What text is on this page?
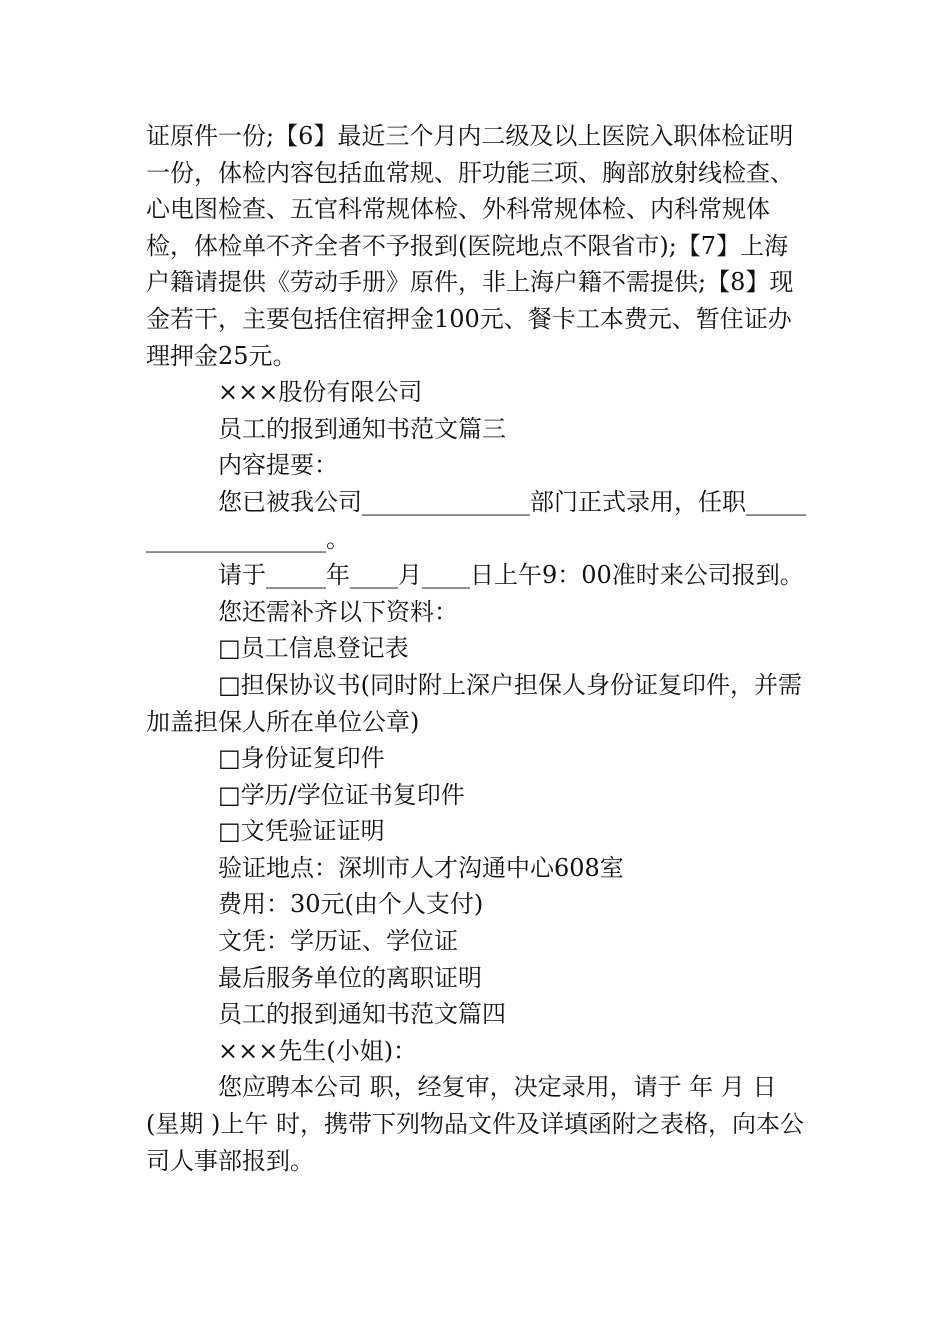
证原件一份;【6】最近三个月内二级及以上医院入职体检证明一份，体检内容包括血常规、肝功能三项、胸部放射线检查、心电图检查、五官科常规体检、外科常规体检、内科常规体检，体检单不齐全者不予报到(医院地点不限省市);【7】上海户籍请提供《劳动手册》原件，非上海户籍不需提供;【8】现金若干，主要包括住宿押金100元、餐卡工本费元、暂住证办理押金25元。

×××股份有限公司

员工的报到通知书范文篇三

内容提要：

您已被我公司______________部门正式录用，任职____________________。

请于_____年____月____日上午9：00准时来公司报到。

您还需补齐以下资料：

□员工信息登记表

□担保协议书(同时附上深户担保人身份证复印件，并需加盖担保人所在单位公章)

□身份证复印件

□学历/学位证书复印件

□文凭验证证明

验证地点：深圳市人才沟通中心608室

费用：30元(由个人支付)

文凭：学历证、学位证

最后服务单位的离职证明

员工的报到通知书范文篇四

×××先生(小姐)：

您应聘本公司 职，经复审，决定录用，请于 年 月 日(星期 )上午 时，携带下列物品文件及详填函附之表格，向本公司人事部报到。
